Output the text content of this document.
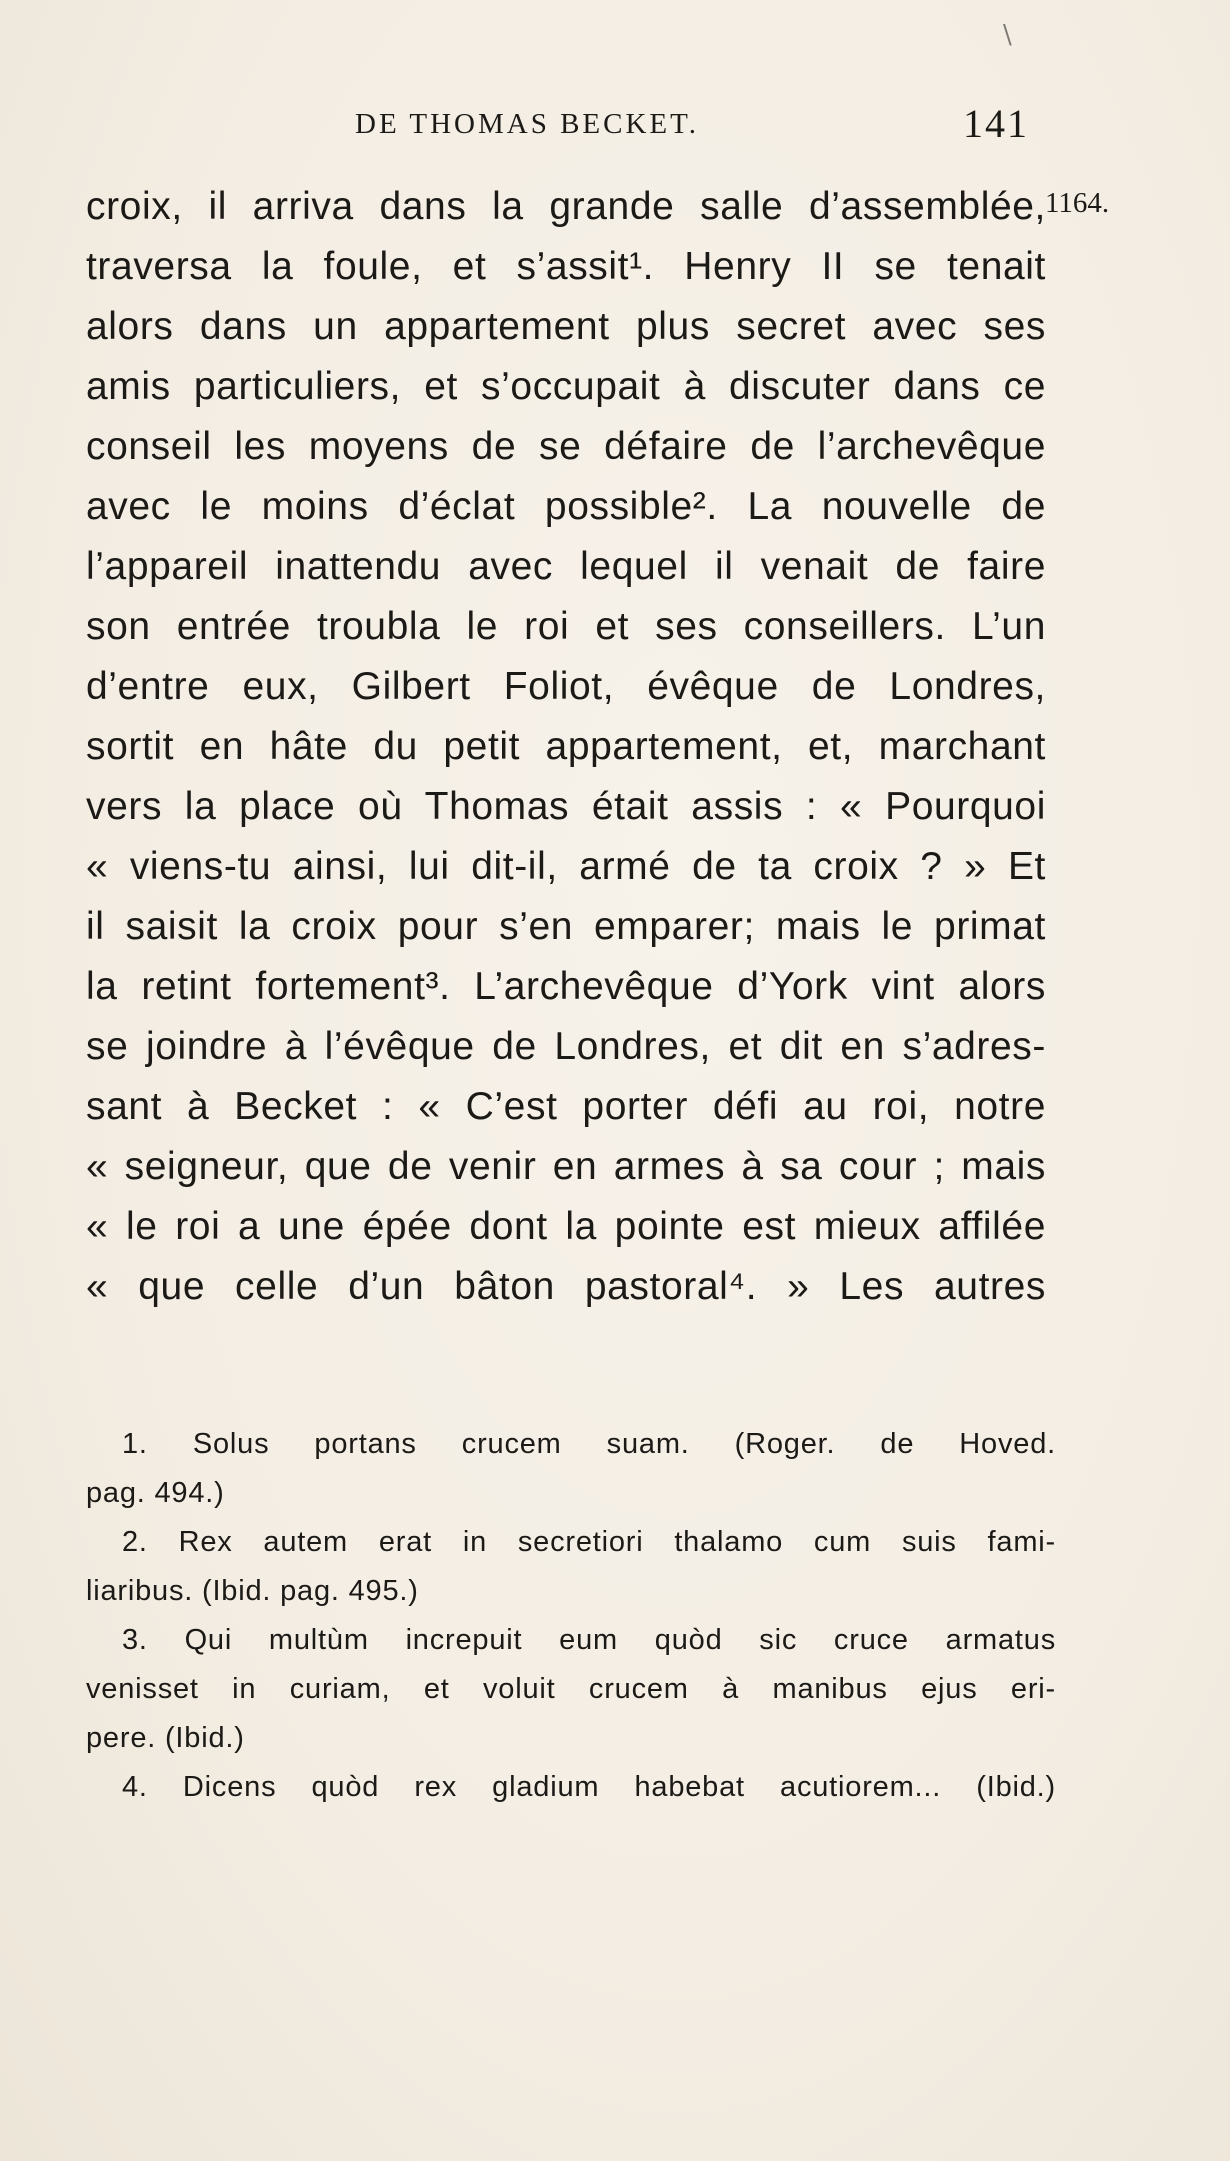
\
DE THOMAS BECKET.	141
1164.
croix, il arriva dans la grande salle d’assemblée,
traversa la foule, et s’assit¹. Henry II se tenait
alors dans un appartement plus secret avec ses
amis particuliers, et s’occupait à discuter dans ce
conseil les moyens de se défaire de l’archevêque
avec le moins d’éclat possible². La nouvelle de
l’appareil inattendu avec lequel il venait de faire
son entrée troubla le roi et ses conseillers. L’un
d’entre eux, Gilbert Foliot, évêque de Londres,
sortit en hâte du petit appartement, et, marchant
vers la place où Thomas était assis : « Pourquoi
« viens-tu ainsi, lui dit-il, armé de ta croix ? » Et
il saisit la croix pour s’en emparer; mais le primat
la retint fortement³. L’archevêque d’York vint alors
se joindre à l’évêque de Londres, et dit en s’adres-
sant à Becket : « C’est porter défi au roi, notre
« seigneur, que de venir en armes à sa cour ; mais
« le roi a une épée dont la pointe est mieux affilée
« que celle d’un bâton pastoral⁴. » Les autres
1. Solus portans crucem suam. (Roger. de Hoved.
pag. 494.)
2. Rex autem erat in secretiori thalamo cum suis fami-
liaribus. (Ibid. pag. 495.)
3. Qui multùm increpuit eum quòd sic cruce armatus
venisset in curiam, et voluit crucem à manibus ejus eri-
pere. (Ibid.)
4. Dicens quòd rex gladium habebat acutiorem... (Ibid.)
